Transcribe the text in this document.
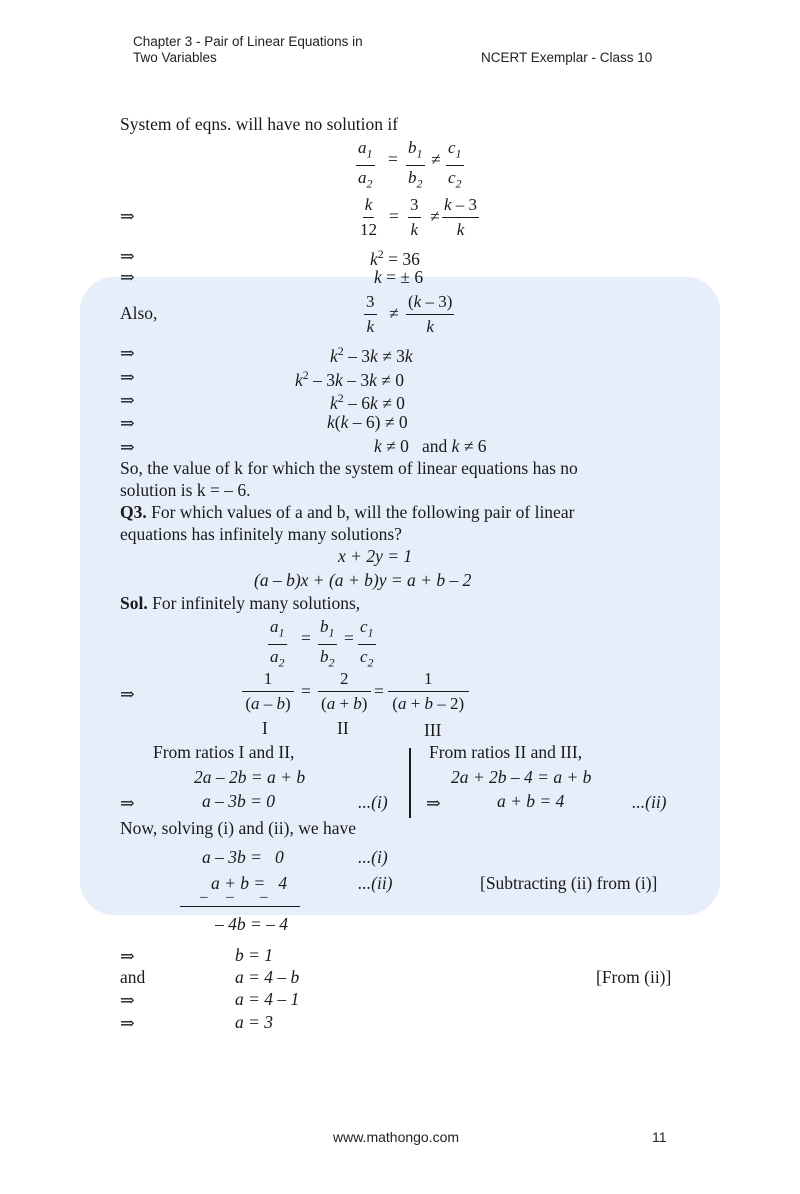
Chapter 3 - Pair of Linear Equations in
Two Variables	NCERT Exemplar - Class 10
System of eqns. will have no solution if
$\frac{a_1}{a_2} = \frac{b_1}{b_2} \ne \frac{c_1}{c_2}$
⇒	$\frac{k}{12} = \frac{3}{k} \ne \frac{k - 3}{k}$
⇒	$k^2 = 36$
⇒	k = ± 6
Also,	$\frac{3}{k} \ne \frac{(k - 3)}{k}$
⇒	$k^2 - 3k \ne 3k$
⇒	$k^2 - 3k - 3k \ne 0$
⇒	$k^2 - 6k \ne 0$
⇒	k(k – 6) ≠ 0
⇒	k ≠ 0   and k ≠ 6
So, the value of k for which the system of linear equations has no
solution is k = – 6.
Q3. For which values of a and b, will the following pair of linear
equations has infinitely many solutions?
x + 2y = 1
(a – b)x + (a + b)y = a + b – 2
Sol. For infinitely many solutions,
$\frac{a_1}{a_2} = \frac{b_1}{b_2} = \frac{c_1}{c_2}$
⇒	$\frac{1}{(a - b)} = \frac{2}{(a + b)} = \frac{1}{(a + b - 2)}$
I	II	III
From ratios I and II,	From ratios II and III,
2a – 2b = a + b	2a + 2b – 4 = a + b
⇒	a – 3b = 0	...(i) ⇒	a + b = 4	...(ii)
Now, solving (i) and (ii), we have
a – 3b =   0	...(i)
a + b =   4	...(ii)	[Subtracting (ii) from (i)]
–     –       –
– 4b = – 4
⇒	b = 1
and	a = 4 – b	[From (ii)]
⇒	a = 4 – 1
⇒	a = 3
www.mathongo.com	11
